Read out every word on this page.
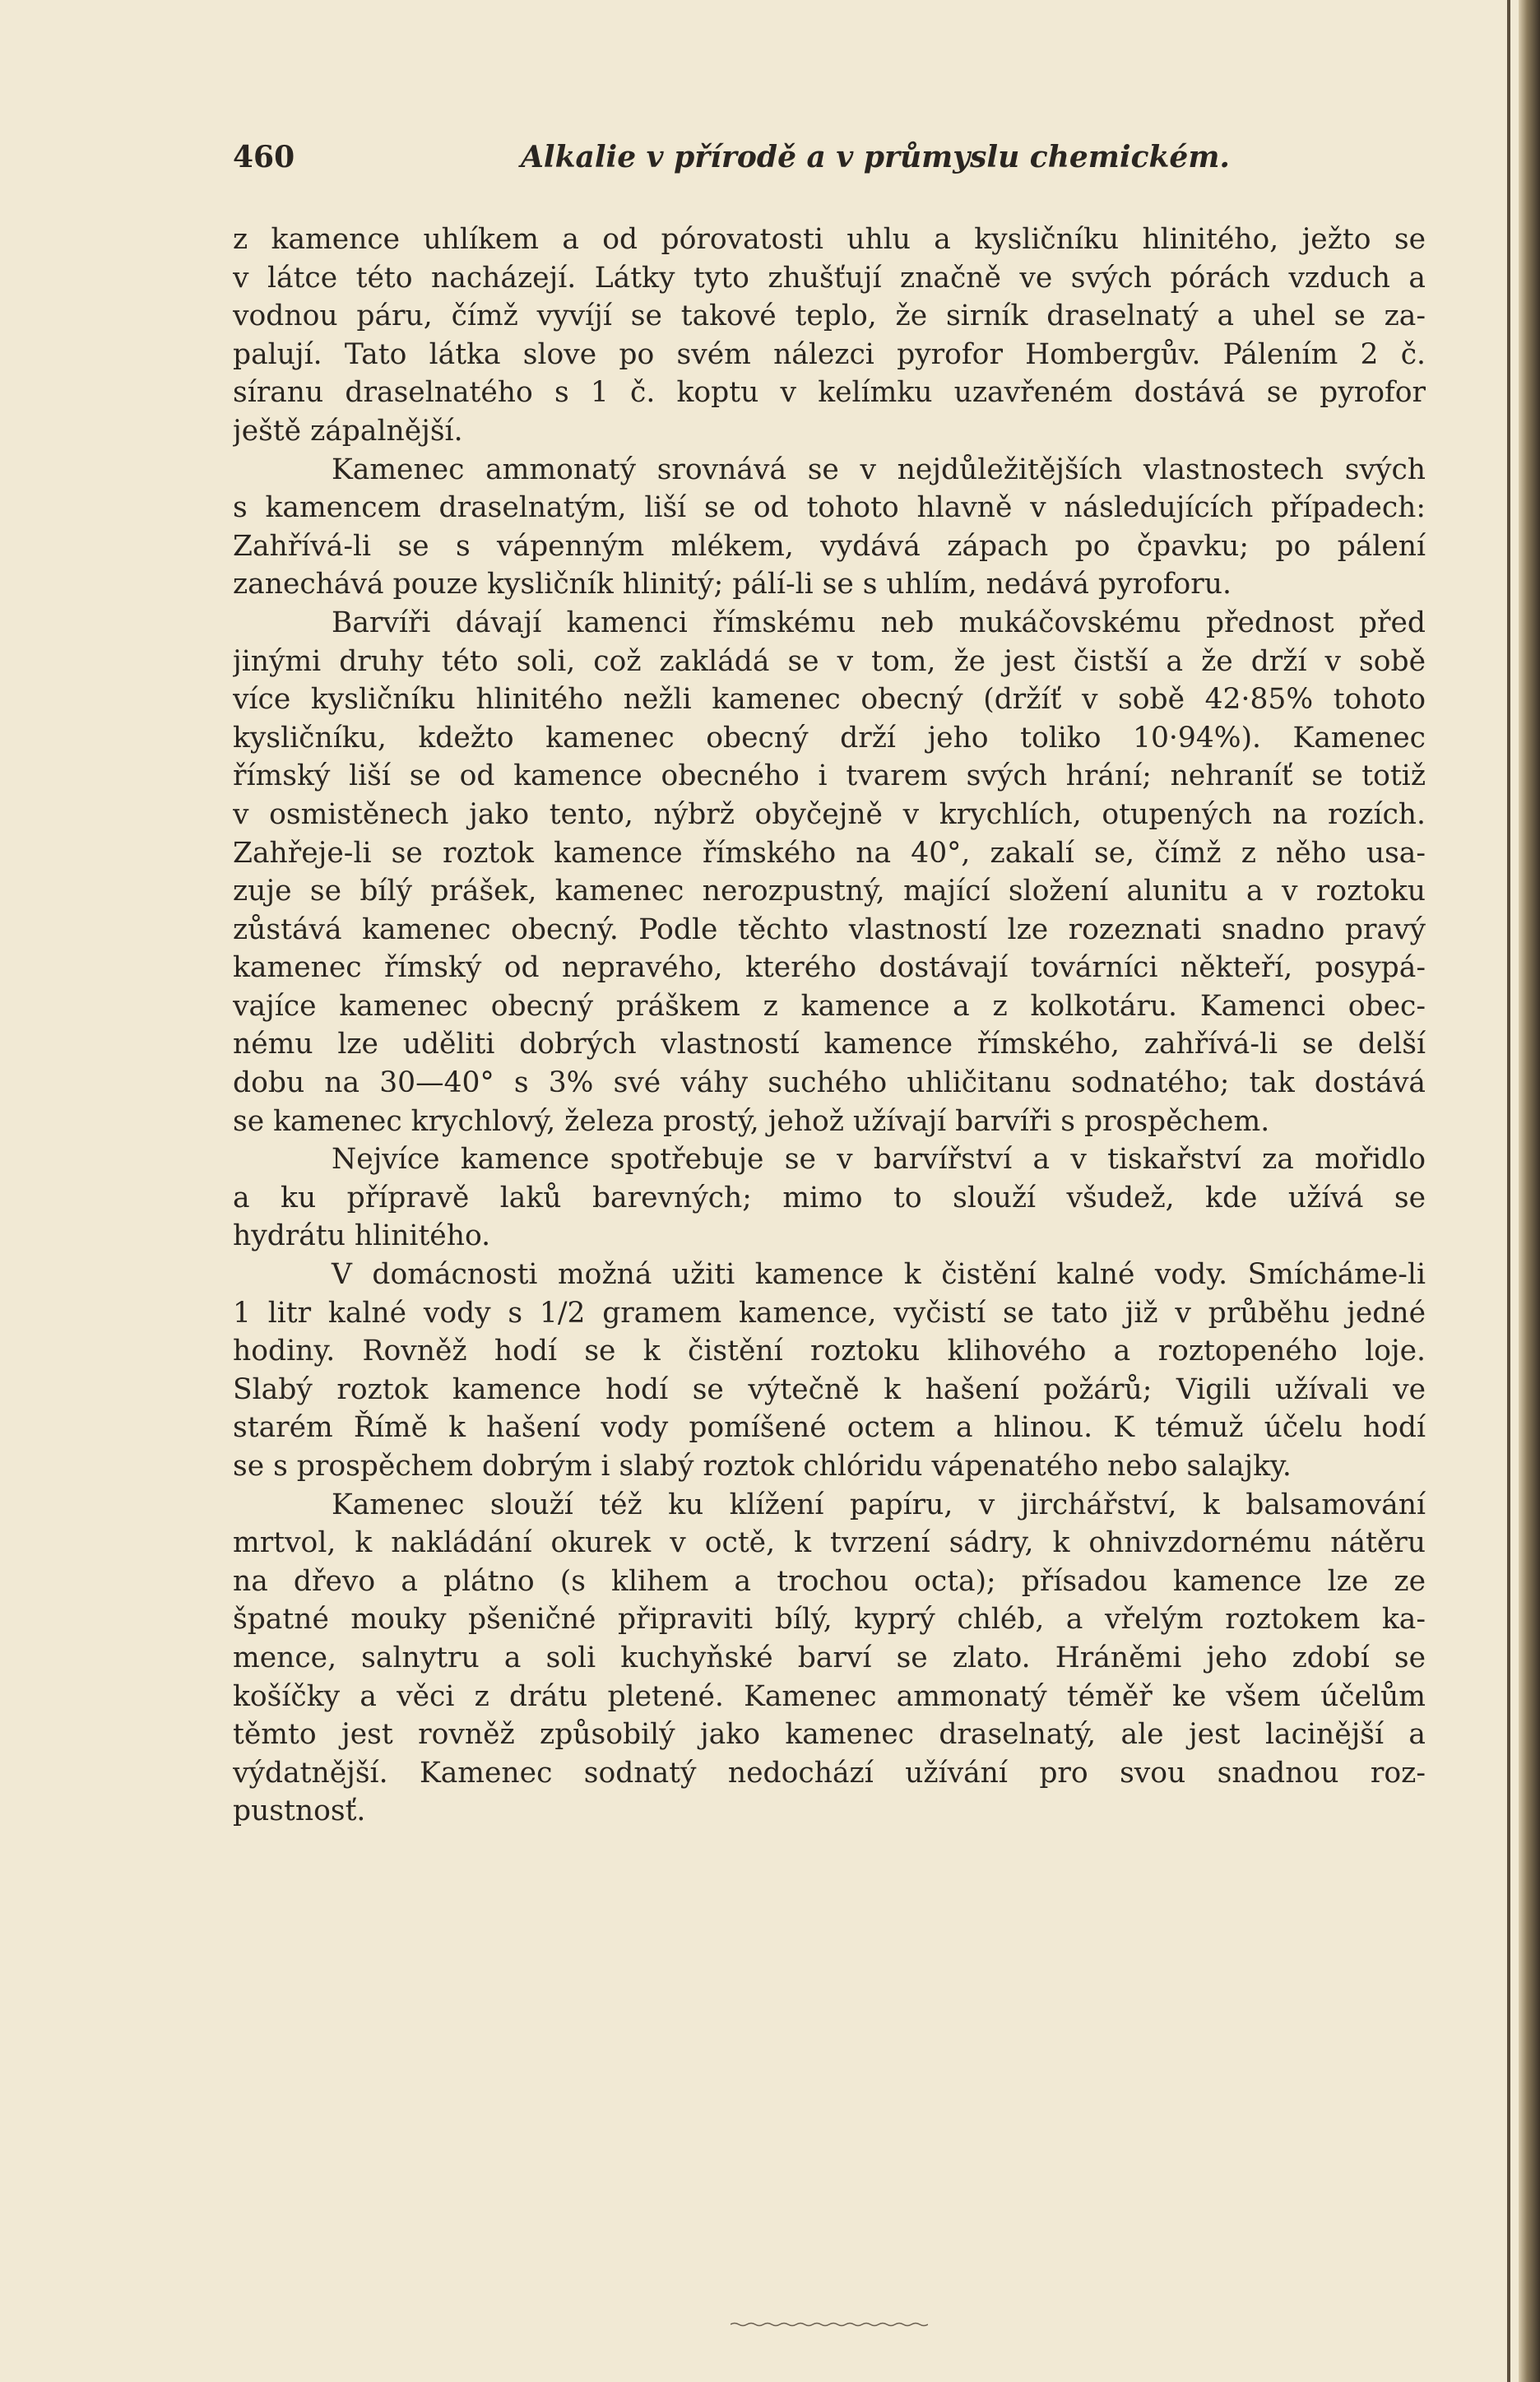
460	Alkalie v přírodě a v průmyslu chemickém.
z kamence uhlíkem a od pórovatosti uhlu a kysličníku hlinitého, ježto se
v látce této nacházejí. Látky tyto zhušťují značně ve svých pórách vzduch a
vodnou páru, čímž vyvíjí se takové teplo, že sirník draselnatý a uhel se za-
palují. Tato látka slove po svém nálezci pyrofor Hombergův. Pálením 2 č.
síranu draselnatého s 1 č. koptu v kelímku uzavřeném dostává se pyrofor
ještě zápalnější.
Kamenec ammonatý srovnává se v nejdůležitějších vlastnostech svých
s kamencem draselnatým, liší se od tohoto hlavně v následujících případech:
Zahřívá-li se s vápenným mlékem, vydává zápach po čpavku; po pálení
zanechává pouze kysličník hlinitý; pálí-li se s uhlím, nedává pyroforu.
Barvíři dávají kamenci římskému neb mukáčovskému přednost před
jinými druhy této soli, což zakládá se v tom, že jest čistší a že drží v sobě
více kysličníku hlinitého nežli kamenec obecný (držíť v sobě 42·85% tohoto
kysličníku, kdežto kamenec obecný drží jeho toliko 10·94%). Kamenec
římský liší se od kamence obecného i tvarem svých hrání; nehraníť se totiž
v osmistěnech jako tento, nýbrž obyčejně v krychlích, otupených na rozích.
Zahřeje-li se roztok kamence římského na 40°, zakalí se, čímž z něho usa-
zuje se bílý prášek, kamenec nerozpustný, mající složení alunitu a v roztoku
zůstává kamenec obecný. Podle těchto vlastností lze rozeznati snadno pravý
kamenec římský od nepravého, kterého dostávají továrníci někteří, posypá-
vajíce kamenec obecný práškem z kamence a z kolkotáru. Kamenci obec-
nému lze uděliti dobrých vlastností kamence římského, zahřívá-li se delší
dobu na 30—40° s 3% své váhy suchého uhličitanu sodnatého; tak dostává
se kamenec krychlový, železa prostý, jehož užívají barvíři s prospěchem.
Nejvíce kamence spotřebuje se v barvířství a v tiskařství za mořidlo
a ku přípravě laků barevných; mimo to slouží všudež, kde užívá se
hydrátu hlinitého.
V domácnosti možná užiti kamence k čistění kalné vody. Smícháme-li
1 litr kalné vody s 1/2 gramem kamence, vyčistí se tato již v průběhu jedné
hodiny. Rovněž hodí se k čistění roztoku klihového a roztopeného loje.
Slabý roztok kamence hodí se výtečně k hašení požárů; Vigili užívali ve
starém Římě k hašení vody pomíšené octem a hlinou. K témuž účelu hodí
se s prospěchem dobrým i slabý roztok chlóridu vápenatého nebo salajky.
Kamenec slouží též ku klížení papíru, v jirchářství, k balsamování
mrtvol, k nakládání okurek v octě, k tvrzení sádry, k ohnivzdornému nátěru
na dřevo a plátno (s klihem a trochou octa); přísadou kamence lze ze
špatné mouky pšeničné připraviti bílý, kyprý chléb, a vřelým roztokem ka-
mence, salnytru a soli kuchyňské barví se zlato. Hráněmi jeho zdobí se
košíčky a věci z drátu pletené. Kamenec ammonatý téměř ke všem účelům
těmto jest rovněž způsobilý jako kamenec draselnatý, ale jest lacinější a
výdatnější. Kamenec sodnatý nedochází užívání pro svou snadnou roz-
pustnosť.
